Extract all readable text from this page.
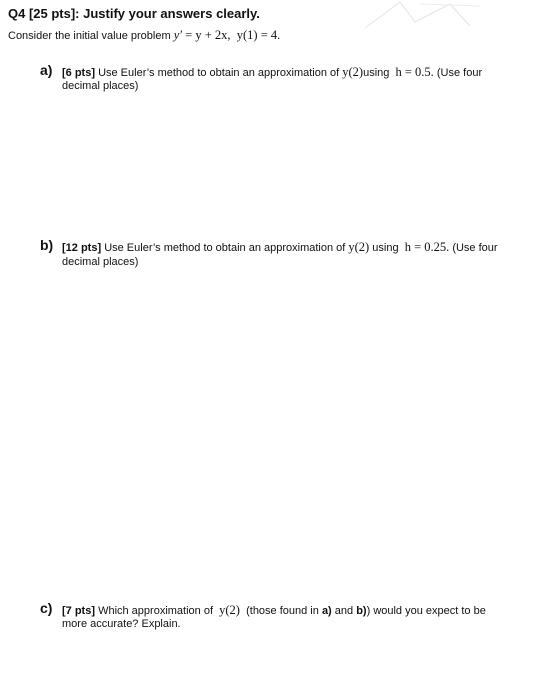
Q4 [25 pts]: Justify your answers clearly.
Consider the initial value problem y′ = y + 2x, y(1) = 4.
a) [6 pts] Use Euler’s method to obtain an approximation of y(2)using h = 0.5. (Use four
decimal places)
b) [12 pts] Use Euler’s method to obtain an approximation of y(2) using h = 0.25. (Use four
decimal places)
c) [7 pts] Which approximation of y(2) (those found in a) and b)) would you expect to be
more accurate? Explain.
